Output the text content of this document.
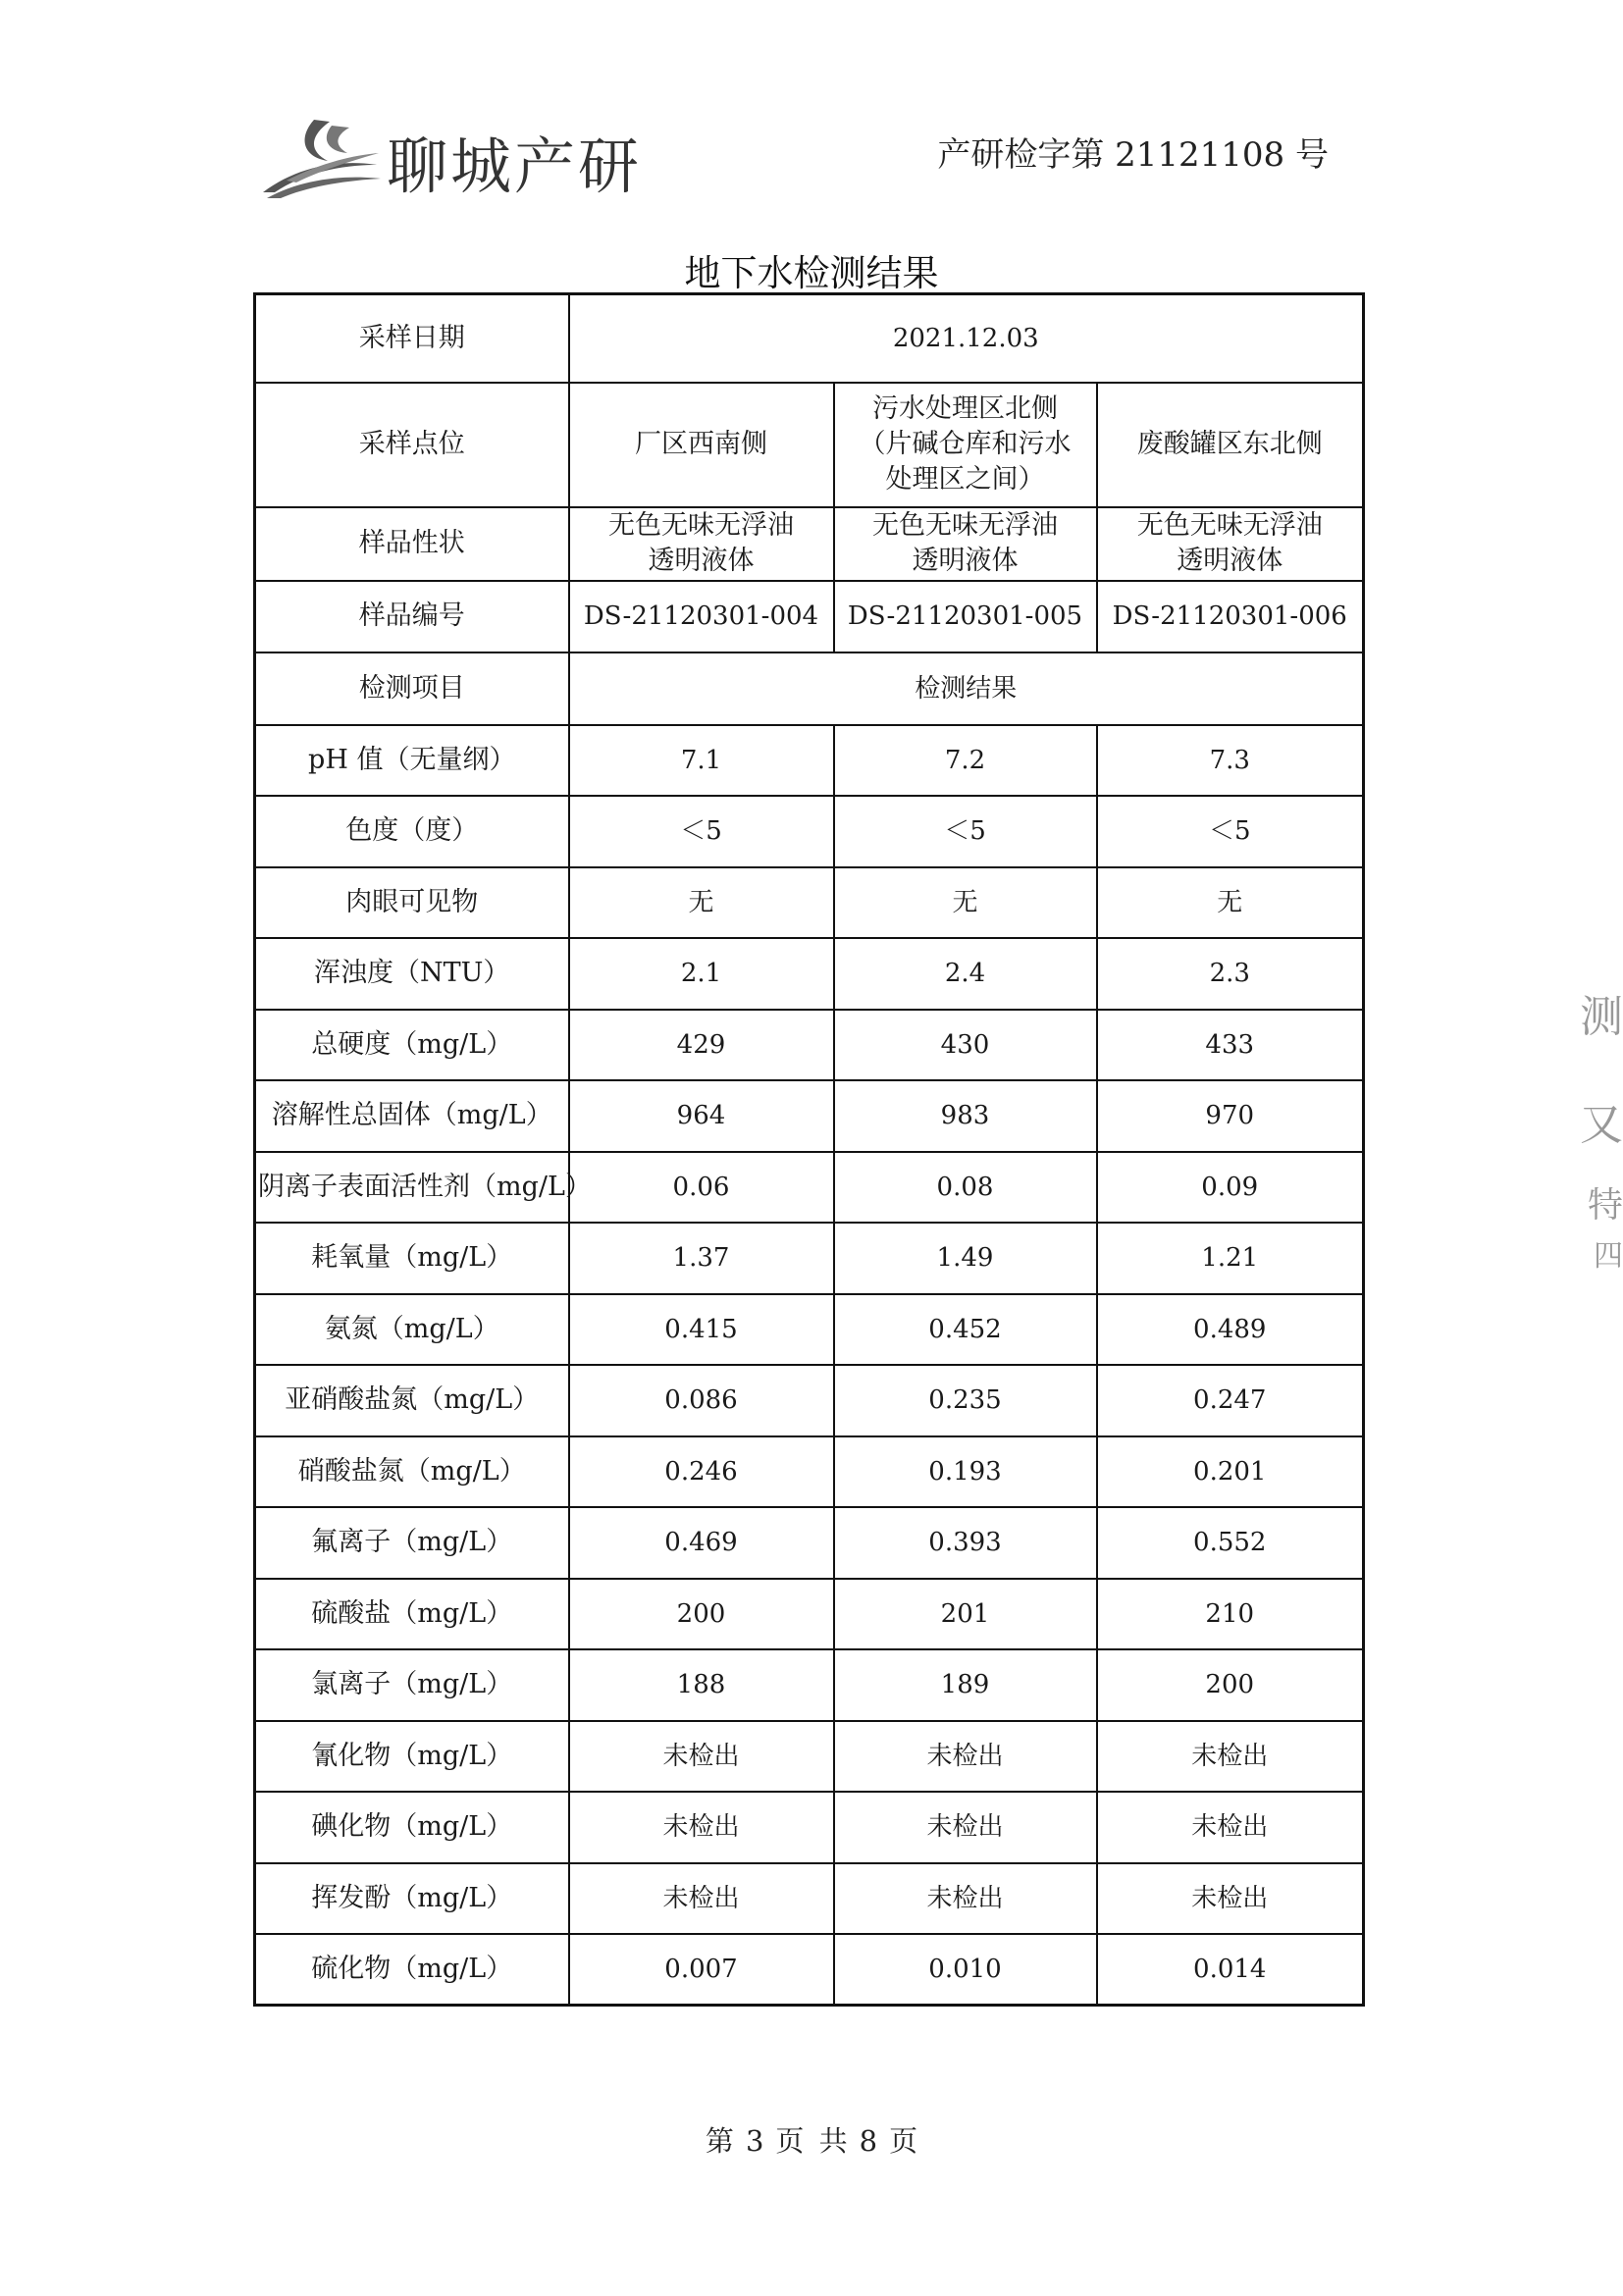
聊城产研	产研检字第 21121108 号
地下水检测结果
采样日期	2021.12.03		
采样点位	厂区西南侧	污水处理区北侧（片碱仓库和污水处理区之间）	废酸罐区东北侧
样品性状	无色无味无浮油透明液体	无色无味无浮油透明液体	无色无味无浮油透明液体
样品编号	DS-21120301-004	DS-21120301-005	DS-21120301-006
检测项目	检测结果		
pH 值（无量纲）	7.1	7.2	7.3
色度（度）	＜5	＜5	＜5
肉眼可见物	无	无	无
浑浊度（NTU）	2.1	2.4	2.3
总硬度（mg/L）	429	430	433
溶解性总固体（mg/L）	964	983	970
阴离子表面活性剂（mg/L）	0.06	0.08	0.09
耗氧量（mg/L）	1.37	1.49	1.21
氨氮（mg/L）	0.415	0.452	0.489
亚硝酸盐氮（mg/L）	0.086	0.235	0.247
硝酸盐氮（mg/L）	0.246	0.193	0.201
氟离子（mg/L）	0.469	0.393	0.552
硫酸盐（mg/L）	200	201	210
氯离子（mg/L）	188	189	200
氰化物（mg/L）	未检出	未检出	未检出
碘化物（mg/L）	未检出	未检出	未检出
挥发酚（mg/L）	未检出	未检出	未检出
硫化物（mg/L）	0.007	0.010	0.014
第 3 页 共 8 页
测
又
特
四
